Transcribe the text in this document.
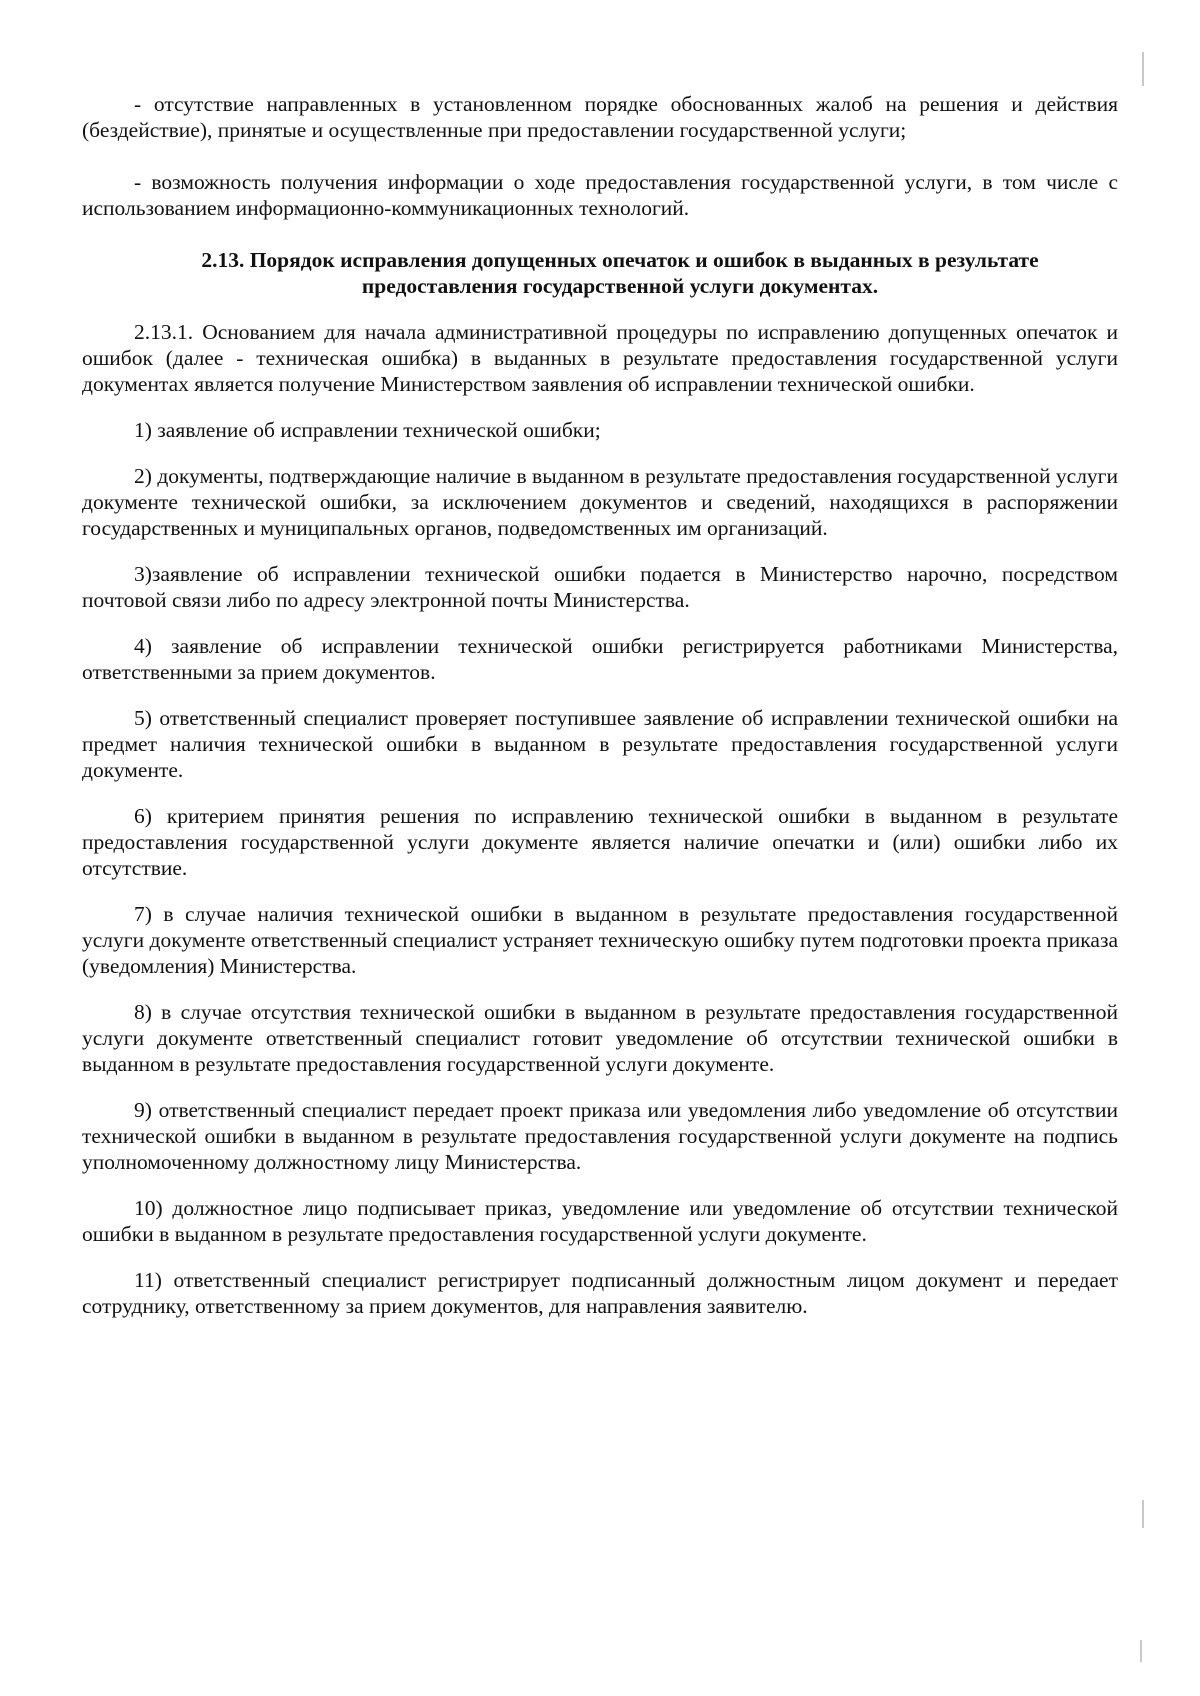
- отсутствие направленных в установленном порядке обоснованных жалоб на решения и действия (бездействие), принятые и осуществленные при предоставлении государственной услуги;

- возможность получения информации о ходе предоставления государственной услуги, в том числе с использованием информационно-коммуникационных технологий.

2.13. Порядок исправления допущенных опечаток и ошибок в выданных в результате предоставления государственной услуги документах.

2.13.1. Основанием для начала административной процедуры по исправлению допущенных опечаток и ошибок (далее - техническая ошибка) в выданных в результате предоставления государственной услуги документах является получение Министерством заявления об исправлении технической ошибки.

1) заявление об исправлении технической ошибки;

2) документы, подтверждающие наличие в выданном в результате предоставления государственной услуги документе технической ошибки, за исключением документов и сведений, находящихся в распоряжении государственных и муниципальных органов, подведомственных им организаций.

3)заявление об исправлении технической ошибки подается в Министерство нарочно, посредством почтовой связи либо по адресу электронной почты Министерства.

4) заявление об исправлении технической ошибки регистрируется работниками Министерства, ответственными за прием документов.

5) ответственный специалист проверяет поступившее заявление об исправлении технической ошибки на предмет наличия технической ошибки в выданном в результате предоставления государственной услуги документе.

6) критерием принятия решения по исправлению технической ошибки в выданном в результате предоставления государственной услуги документе является наличие опечатки и (или) ошибки либо их отсутствие.

7) в случае наличия технической ошибки в выданном в результате предоставления государственной услуги документе ответственный специалист устраняет техническую ошибку путем подготовки проекта приказа (уведомления) Министерства.

8) в случае отсутствия технической ошибки в выданном в результате предоставления государственной услуги документе ответственный специалист готовит уведомление об отсутствии технической ошибки в выданном в результате предоставления государственной услуги документе.

9) ответственный специалист передает проект приказа или уведомления либо уведомление об отсутствии технической ошибки в выданном в результате предоставления государственной услуги документе на подпись уполномоченному должностному лицу Министерства.

10) должностное лицо подписывает приказ, уведомление или уведомление об отсутствии технической ошибки в выданном в результате предоставления государственной услуги документе.

11) ответственный специалист регистрирует подписанный должностным лицом документ и передает сотруднику, ответственному за прием документов, для направления заявителю.
